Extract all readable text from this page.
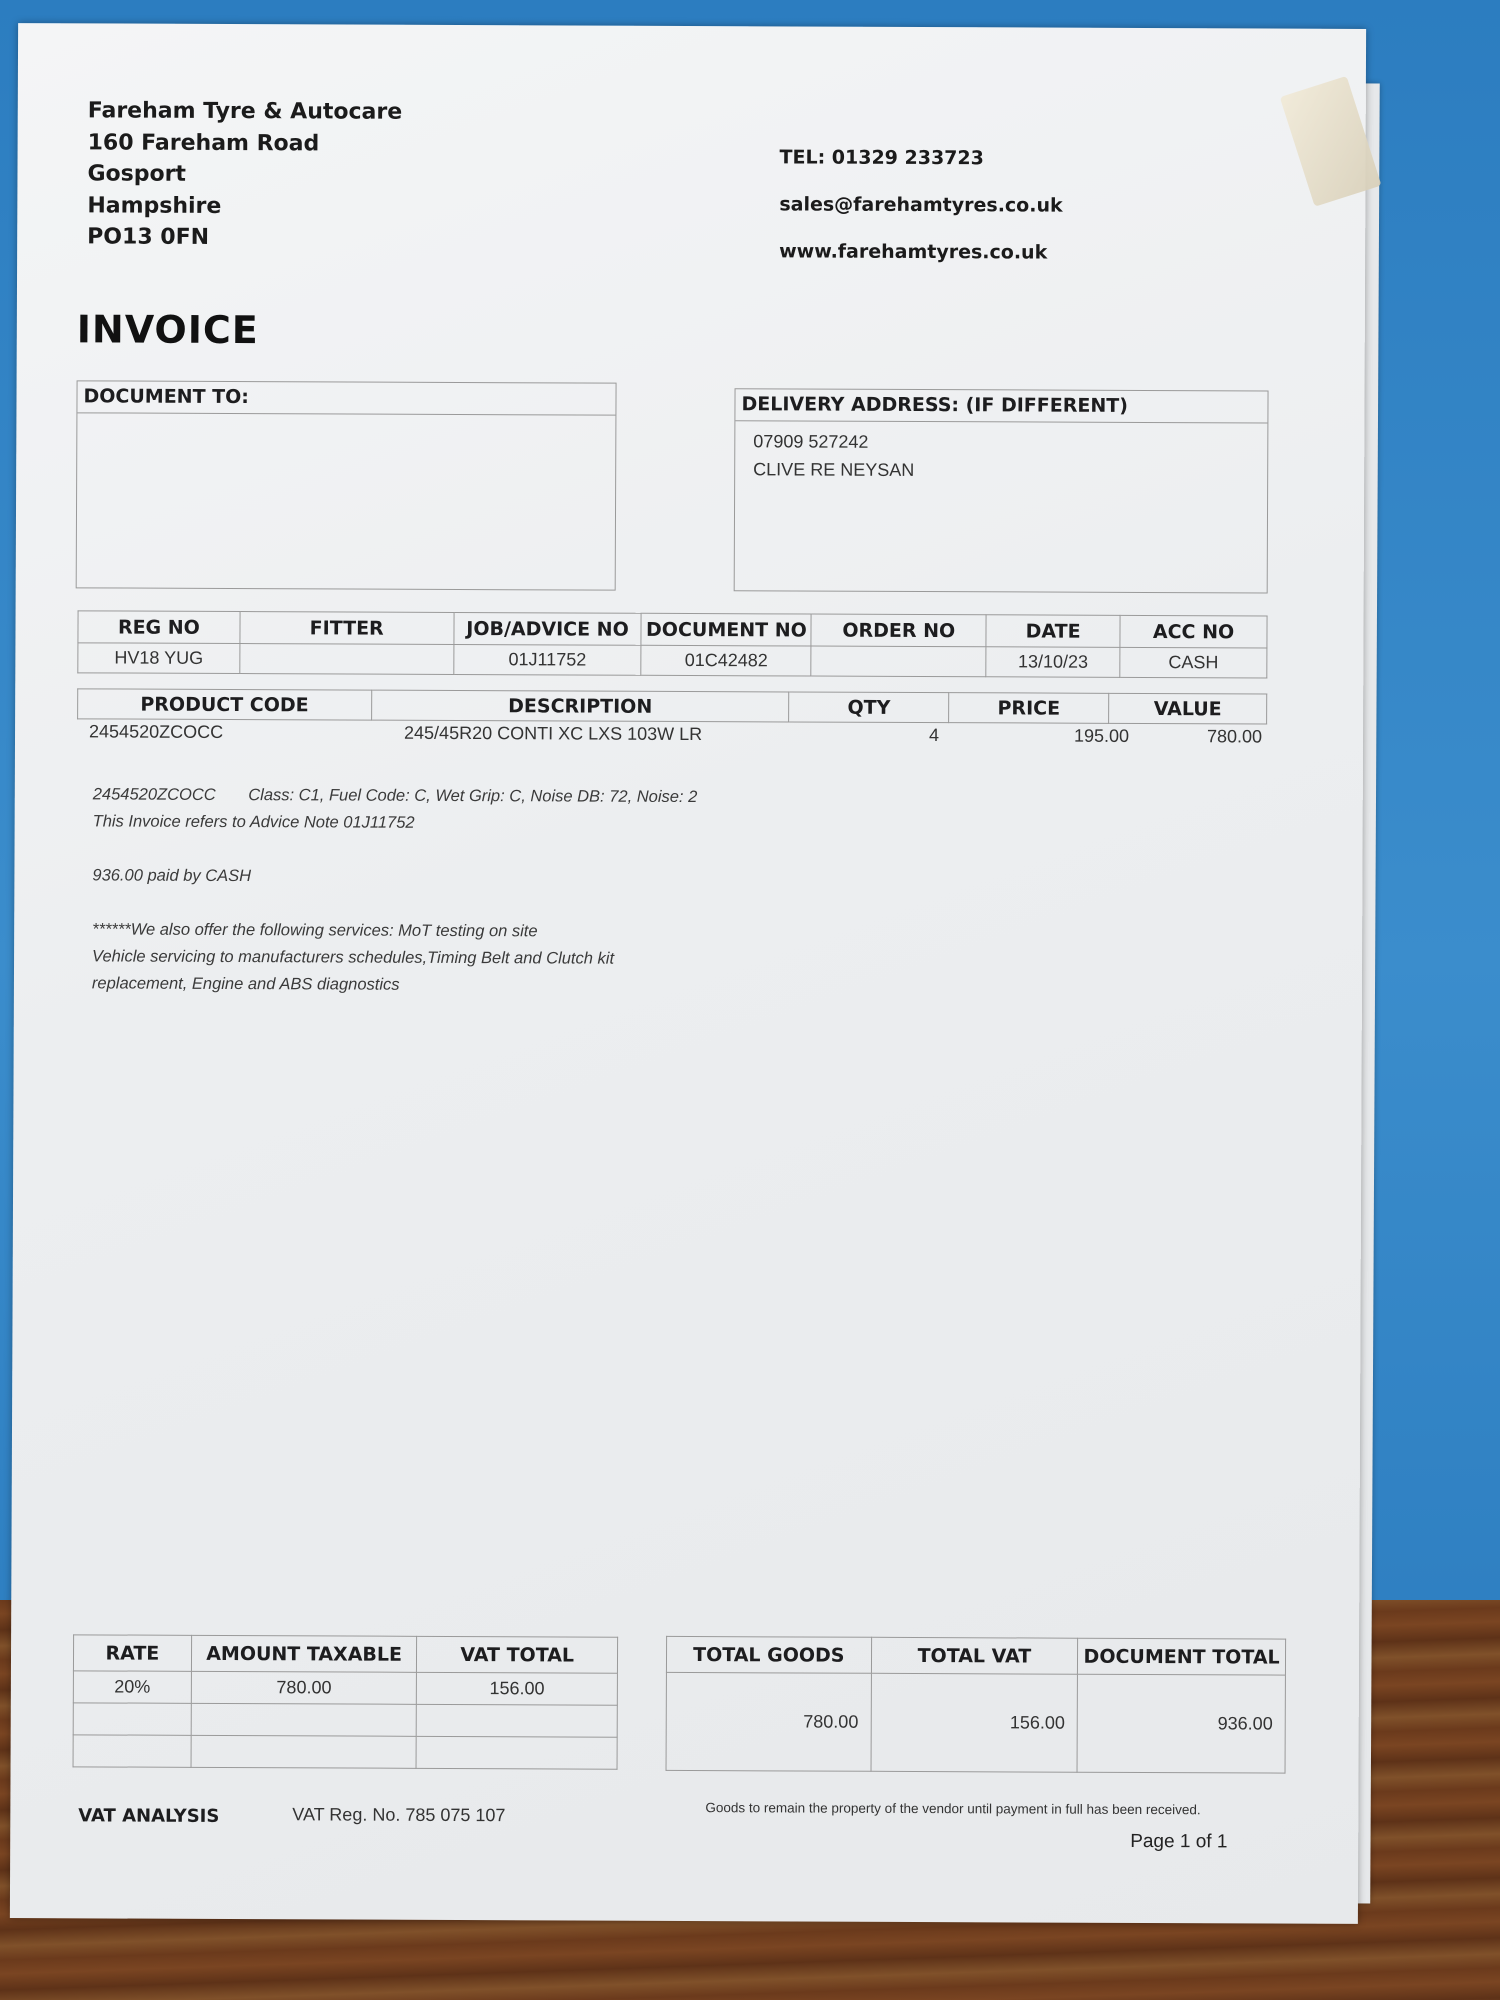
Fareham Tyre & Autocare
160 Fareham Road
Gosport
Hampshire
PO13 0FN
TEL: 01329 233723
sales@farehamtyres.co.uk
www.farehamtyres.co.uk
INVOICE
DOCUMENT TO:	DELIVERY ADDRESS: (IF DIFFERENT)
07909 527242
CLIVE RE NEYSAN
REG NO	FITTER	JOB/ADVICE NO	DOCUMENT NO	ORDER NO	DATE	ACC NO
HV18 YUG		01J11752	01C42482		13/10/23	CASH
PRODUCT CODE	DESCRIPTION	QTY	PRICE	VALUE
2454520ZCOCC	245/45R20 CONTI XC LXS 103W LR	4	195.00	780.00
2454520ZCOCC Class: C1, Fuel Code: C, Wet Grip: C, Noise DB: 72, Noise: 2
This Invoice refers to Advice Note 01J11752
936.00 paid by CASH
******We also offer the following services: MoT testing on site
Vehicle servicing to manufacturers schedules,Timing Belt and Clutch kit
replacement, Engine and ABS diagnostics
RATE	AMOUNT TAXABLE	VAT TOTAL
20%	780.00	156.00

TOTAL GOODS	TOTAL VAT	DOCUMENT TOTAL
780.00	156.00	936.00
VAT ANALYSIS	VAT Reg. No. 785 075 107	Goods to remain the property of the vendor until payment in full has been received.
Page 1 of 1
